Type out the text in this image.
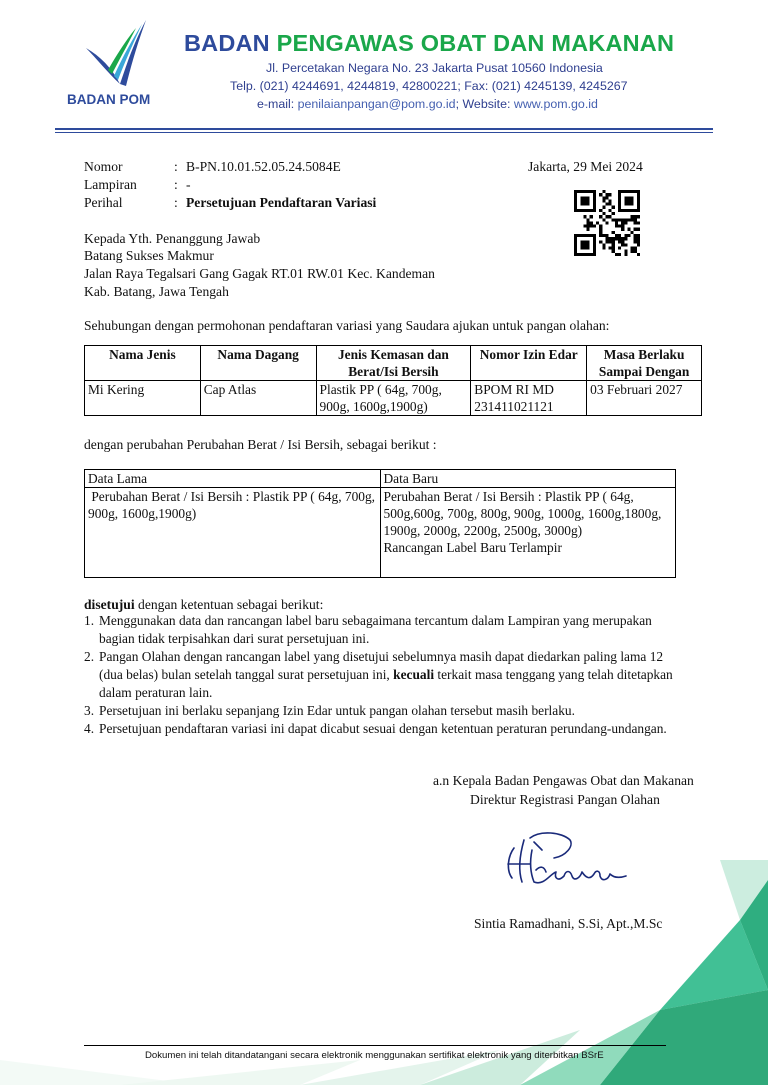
BADAN POM
BADAN PENGAWAS OBAT DAN MAKANAN
Jl. Percetakan Negara No. 23 Jakarta Pusat 10560 Indonesia
Telp. (021) 4244691, 4244819, 42800221; Fax: (021) 4245139, 4245267
e-mail: penilaianpangan@pom.go.id; Website: www.pom.go.id
Nomor	: B-PN.10.01.52.05.24.5084E
Lampiran	: -
Perihal	: Persetujuan Pendaftaran Variasi
Jakarta, 29 Mei 2024
Kepada Yth. Penanggung Jawab
Batang Sukses Makmur
Jalan Raya Tegalsari Gang Gagak RT.01 RW.01 Kec. Kandeman
Kab. Batang, Jawa Tengah
Sehubungan dengan permohonan pendaftaran variasi yang Saudara ajukan untuk pangan olahan:
Nama Jenis	Nama Dagang	Jenis Kemasan dan Berat/Isi Bersih	Nomor Izin Edar	Masa Berlaku Sampai Dengan
Mi Kering	Cap Atlas	Plastik PP ( 64g, 700g, 900g, 1600g,1900g)	BPOM RI MD 231411021121	03 Februari 2027
dengan perubahan Perubahan Berat / Isi Bersih, sebagai berikut :
Data Lama	Data Baru
Perubahan Berat / Isi Bersih : Plastik PP ( 64g, 700g, 900g, 1600g,1900g)	Perubahan Berat / Isi Bersih : Plastik PP ( 64g, 500g,600g, 700g, 800g, 900g, 1000g, 1600g,1800g, 1900g, 2000g, 2200g, 2500g, 3000g)
Rancangan Label Baru Terlampir
disetujui dengan ketentuan sebagai berikut:
1. Menggunakan data dan rancangan label baru sebagaimana tercantum dalam Lampiran yang merupakan bagian tidak terpisahkan dari surat persetujuan ini.
2. Pangan Olahan dengan rancangan label yang disetujui sebelumnya masih dapat diedarkan paling lama 12 (dua belas) bulan setelah tanggal surat persetujuan ini, kecuali terkait masa tenggang yang telah ditetapkan dalam peraturan lain.
3. Persetujuan ini berlaku sepanjang Izin Edar untuk pangan olahan tersebut masih berlaku.
4. Persetujuan pendaftaran variasi ini dapat dicabut sesuai dengan ketentuan peraturan perundang-undangan.
a.n Kepala Badan Pengawas Obat dan Makanan
Direktur Registrasi Pangan Olahan
Sintia Ramadhani, S.Si, Apt.,M.Sc
Dokumen ini telah ditandatangani secara elektronik menggunakan sertifikat elektronik yang diterbitkan BSrE
